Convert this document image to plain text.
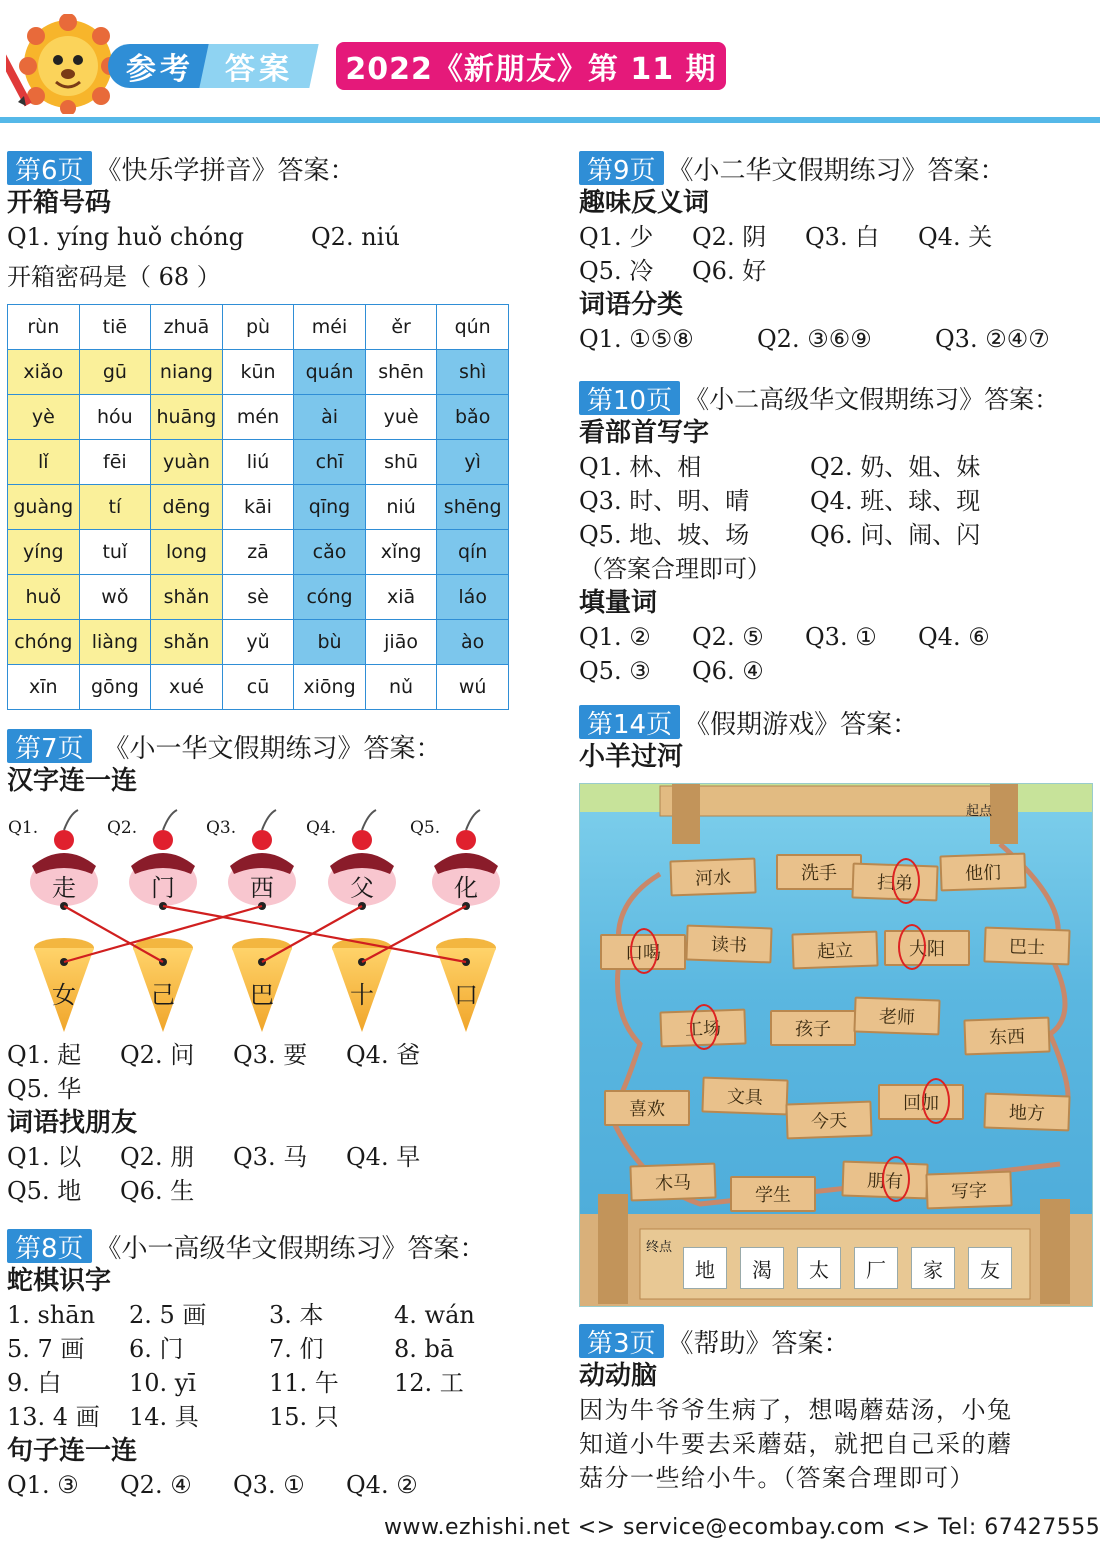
参考	答案	2022《新朋友》第 11 期
第6页 《快乐学拼音》答案：
开箱号码
Q1. yíng huǒ chóng	Q2. niú
开箱密码是（ 68 ）
rùn	tiē	zhuā	pù	méi	ěr	qún
xiǎo	gū	niang	kūn	quán	shēn	shì
yè	hóu	huāng	mén	ài	yuè	bǎo
lǐ	fēi	yuàn	liú	chī	shū	yì
guàng	tí	dēng	kāi	qīng	niú	shēng
yíng	tuǐ	long	zā	cǎo	xǐng	qín
huǒ	wǒ	shǎn	sè	cóng	xiā	láo
chóng	liàng	shǎn	yǔ	bù	jiāo	ào
xīn	gōng	xué	cū	xiōng	nǔ	wú
第7页 《小一华文假期练习》答案：
汉字连一连
Q1.	Q2.	Q3.	Q4.	Q5.
走	门	西	父	化
女	己	巴	十	口
Q1. 起 Q2. 问 Q3. 要 Q4. 爸
Q5. 华
词语找朋友
Q1. 以 Q2. 朋 Q3. 马 Q4. 早
Q5. 地 Q6. 生
第8页 《小一高级华文假期练习》答案：
蛇棋识字
1. shān 2. 5 画	3. 本	4. wán
5. 7 画 6. 门	7. 们	8. bā
9. 白	10. yī	11. 午 12. 工
13. 4 画 14. 具	15. 只
句子连一连
Q1. ③ Q2. ④ Q3. ① Q4. ②
第9页 《小二华文假期练习》答案：
趣味反义词
Q1. 少 Q2. 阴 Q3. 白 Q4. 关
Q5. 冷 Q6. 好
词语分类
Q1. ①⑤⑧	Q2. ③⑥⑨	Q3. ②④⑦
第10页 《小二高级华文假期练习》答案：
看部首写字
Q1. 林、相	Q2. 奶、姐、妹
Q3. 时、明、晴	Q4. 班、球、现
Q5. 地、坡、场	Q6. 问、闹、闪
（答案合理即可）
填量词
Q1. ② Q2. ⑤ Q3. ① Q4. ⑥
Q5. ③ Q6. ④
第14页 《假期游戏》答案：
小羊过河
河水	洗手	扫弟	他们
口喝	读书	起立	大阳	巴士
工场	孩子
老师
东西
喜欢
文具
今天
回加	地方
木马
学生
朋有	写字
起点
终点
地	渴	太	厂	家	友
第3页 《帮助》答案：
动动脑
因为牛爷爷生病了，想喝蘑菇汤，小兔
知道小牛要去采蘑菇，就把自己采的蘑
菇分一些给小牛。（答案合理即可）
www.ezhishi.net <> service@ecombay.com <> Tel: 67427555
